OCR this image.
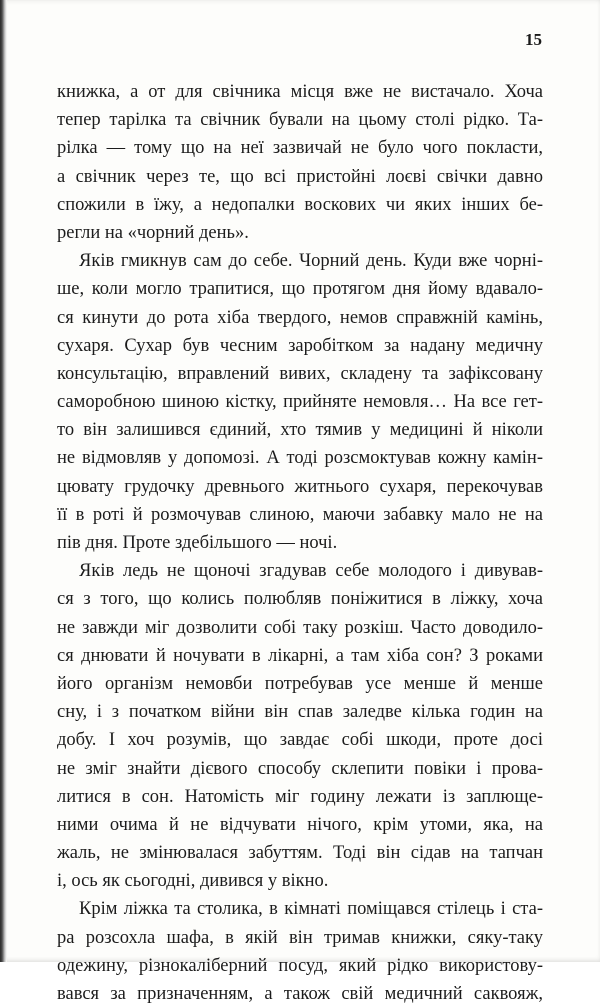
15

книжка, а от для свічника місця вже не вистачало. Хоча
тепер тарілка та свічник бували на цьому столі рідко. Та-
рілка — тому що на неї зазвичай не було чого покласти,
а свічник через те, що всі пристойні лоєві свічки давно
спожили в їжу, а недопалки воскових чи яких інших бе-
регли на «чорний день».

Яків гмикнув сам до себе. Чорний день. Куди вже чорні-
ше, коли могло трапитися, що протягом дня йому вдавало-
ся кинути до рота хіба твердого, немов справжній камінь,
сухаря. Сухар був чесним заробітком за надану медичну
консультацію, вправлений вивих, складену та зафіксовану
саморобною шиною кістку, прийняте немовля… На все гет-
то він залишився єдиний, хто тямив у медицині й ніколи
не відмовляв у допомозі. А тоді розсмоктував кожну камін-
цювату грудочку древнього житнього сухаря, перекочував
її в роті й розмочував слиною, маючи забавку мало не на
пів дня. Проте здебільшого — ночі.

Яків ледь не щоночі згадував себе молодого і дивував-
ся з того, що колись полюбляв поніжитися в ліжку, хоча
не завжди міг дозволити собі таку розкіш. Часто доводило-
ся днювати й ночувати в лікарні, а там хіба сон? З роками
його організм немовби потребував усе менше й менше
сну, і з початком війни він спав заледве кілька годин на
добу. І хоч розумів, що завдає собі шкоди, проте досі
не зміг знайти дієвого способу склепити повіки і прова-
литися в сон. Натомість міг годину лежати із заплюще-
ними очима й не відчувати нічого, крім утоми, яка, на
жаль, не змінювалася забуттям. Тоді він сідав на тапчан
і, ось як сьогодні, дивився у вікно.

Крім ліжка та столика, в кімнаті поміщався стілець і ста-
ра розсохла шафа, в якій він тримав книжки, сяку-таку
одежину, різнокаліберний посуд, який рідко використову-
вався за призначенням, а також свій медичний саквояж,
